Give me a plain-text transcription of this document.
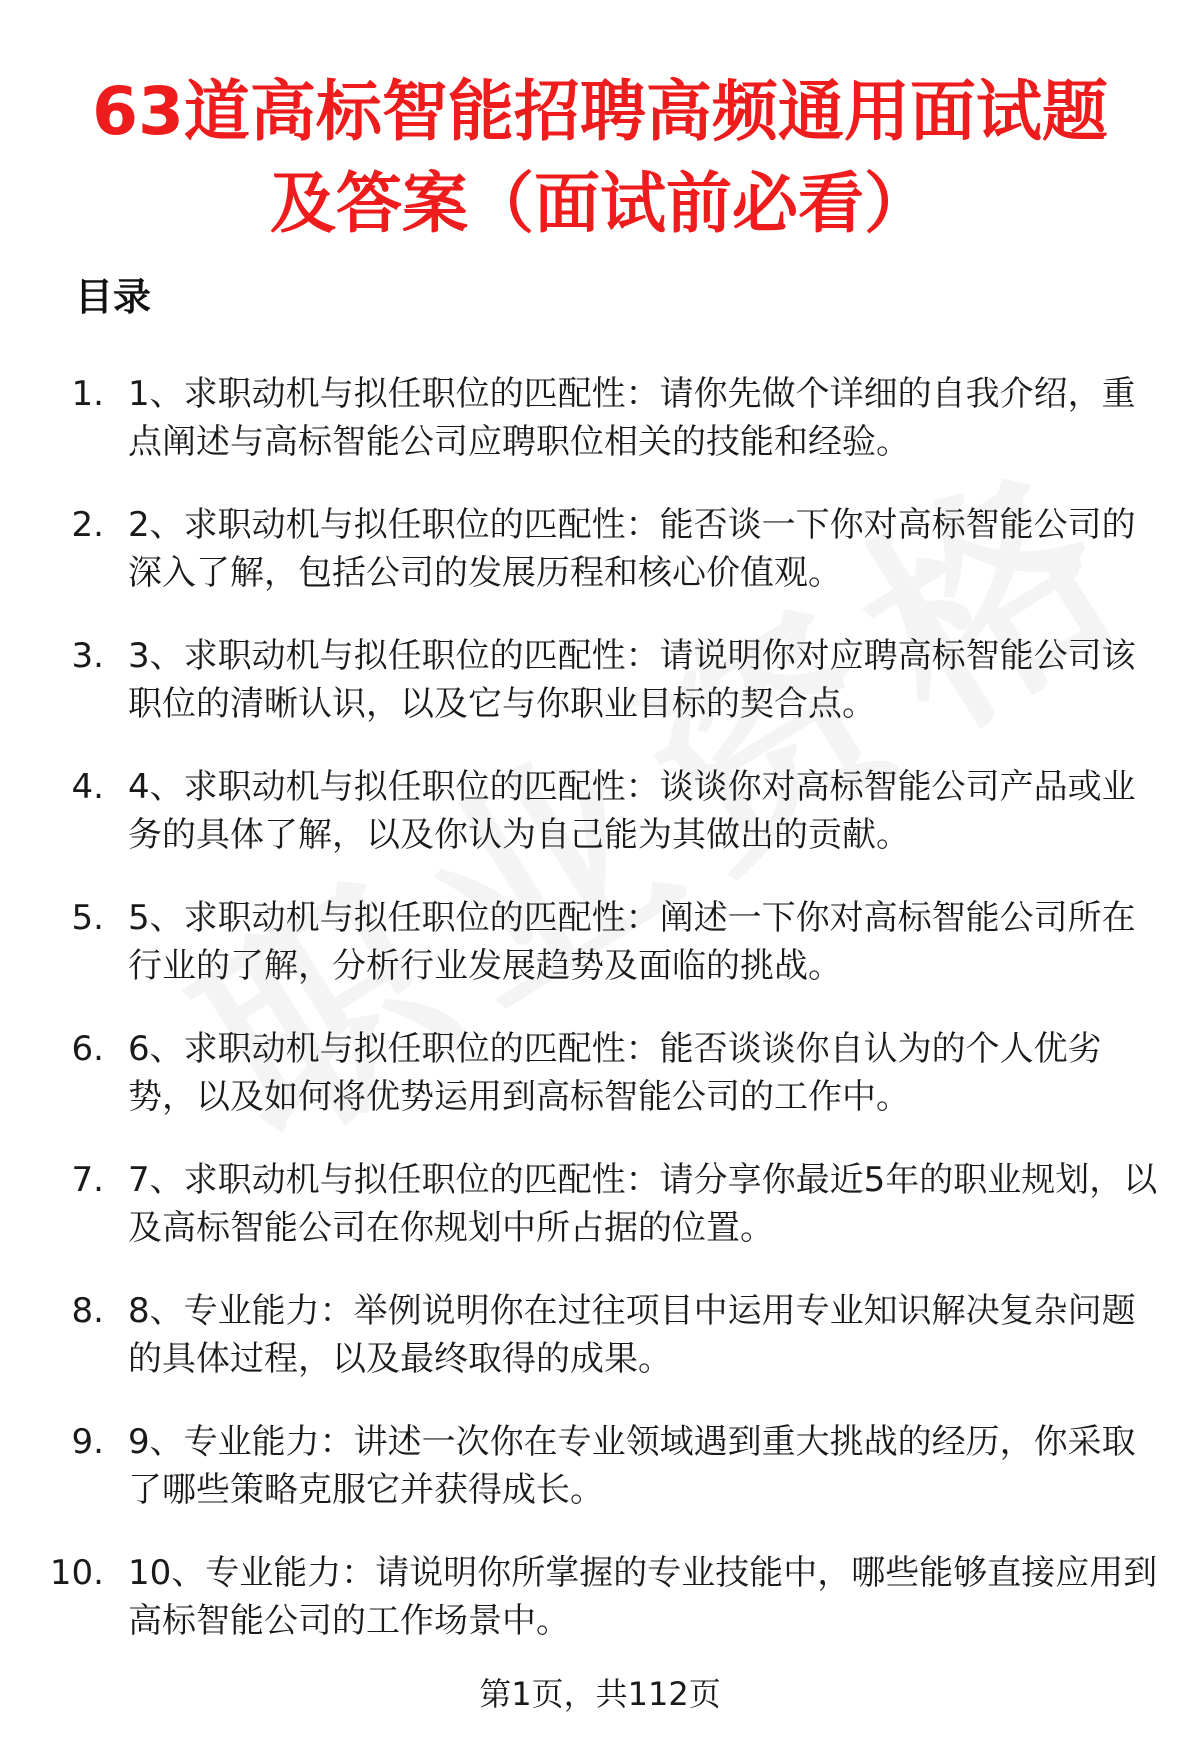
63道高标智能招聘高频通用面试题及答案（面试前必看）
目录
1. 1、求职动机与拟任职位的匹配性：请你先做个详细的自我介绍，重点阐述与高标智能公司应聘职位相关的技能和经验。
2. 2、求职动机与拟任职位的匹配性：能否谈一下你对高标智能公司的深入了解，包括公司的发展历程和核心价值观。
3. 3、求职动机与拟任职位的匹配性：请说明你对应聘高标智能公司该职位的清晰认识，以及它与你职业目标的契合点。
4. 4、求职动机与拟任职位的匹配性：谈谈你对高标智能公司产品或业务的具体了解，以及你认为自己能为其做出的贡献。
5. 5、求职动机与拟任职位的匹配性：阐述一下你对高标智能公司所在行业的了解，分析行业发展趋势及面临的挑战。
6. 6、求职动机与拟任职位的匹配性：能否谈谈你自认为的个人优劣势，以及如何将优势运用到高标智能公司的工作中。
7. 7、求职动机与拟任职位的匹配性：请分享你最近5年的职业规划，以及高标智能公司在你规划中所占据的位置。
8. 8、专业能力：举例说明你在过往项目中运用专业知识解决复杂问题的具体过程，以及最终取得的成果。
9. 9、专业能力：讲述一次你在专业领域遇到重大挑战的经历，你采取了哪些策略克服它并获得成长。
10. 10、专业能力：请说明你所掌握的专业技能中，哪些能够直接应用到高标智能公司的工作场景中。
第1页，共112页
